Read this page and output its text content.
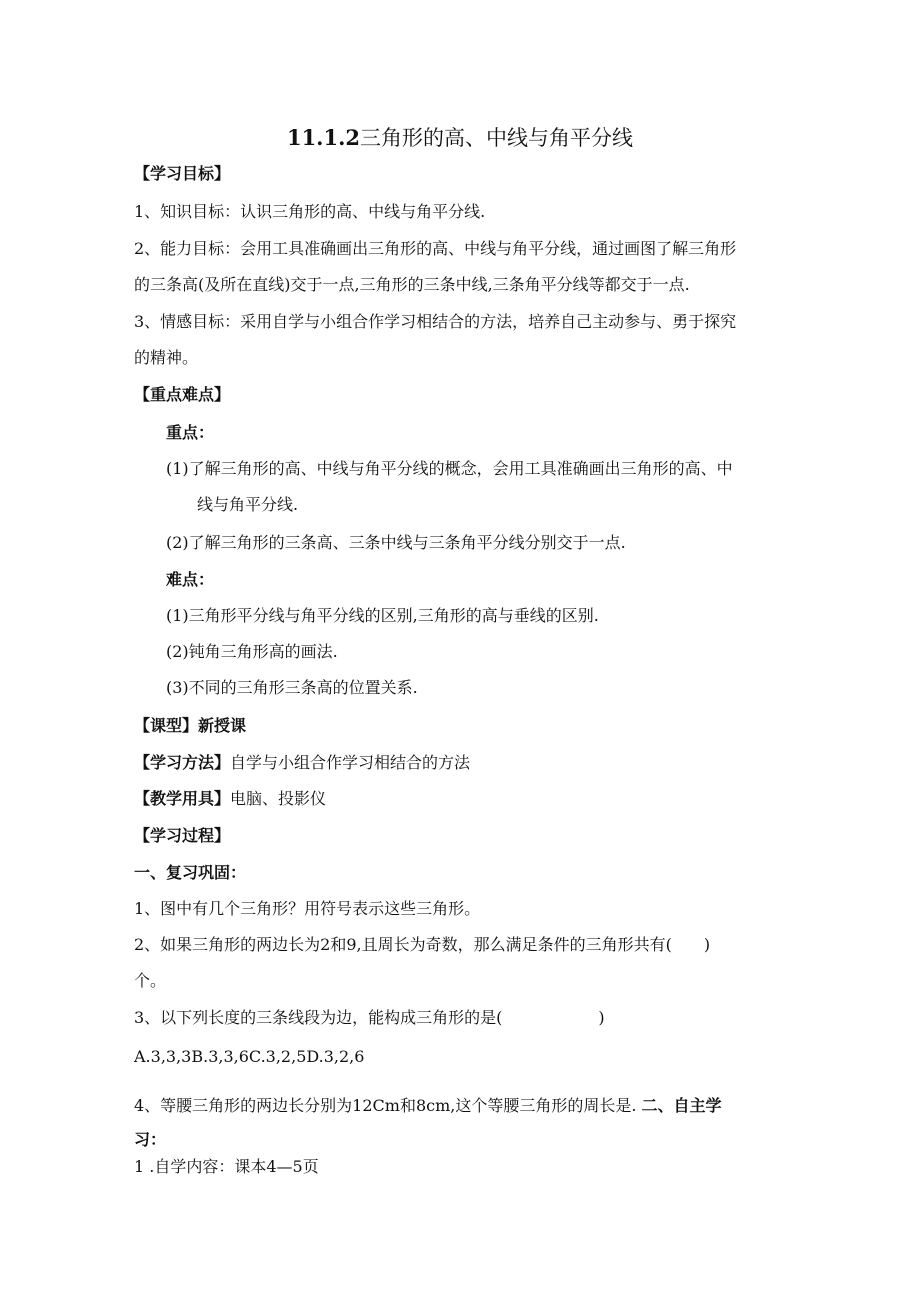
11.1.2三角形的高、中线与角平分线
【学习目标】
1、知识目标：认识三角形的高、中线与角平分线.
2、能力目标：会用工具准确画出三角形的高、中线与角平分线，通过画图了解三角形
的三条高(及所在直线)交于一点,三角形的三条中线,三条角平分线等都交于一点.
3、情感目标：采用自学与小组合作学习相结合的方法，培养自己主动参与、勇于探究
的精神。
【重点难点】
重点：
(1)了解三角形的高、中线与角平分线的概念，会用工具准确画出三角形的高、中
线与角平分线.
(2)了解三角形的三条高、三条中线与三条角平分线分别交于一点.
难点：
(1)三角形平分线与角平分线的区别,三角形的高与垂线的区别.
(2)钝角三角形高的画法.
(3)不同的三角形三条高的位置关系.
【课型】新授课
【学习方法】自学与小组合作学习相结合的方法
【教学用具】电脑、投影仪
【学习过程】
一、复习巩固：
1、图中有几个三角形？用符号表示这些三角形。
2、如果三角形的两边长为2和9,且周长为奇数，那么满足条件的三角形共有(　　)
个。
3、以下列长度的三条线段为边，能构成三角形的是(　　　　　　)
A.3,3,3B.3,3,6C.3,2,5D.3,2,6
4、等腰三角形的两边长分别为12Cm和8cm,这个等腰三角形的周长是. 二、自主学
习：
1 .自学内容：课本4—5页
